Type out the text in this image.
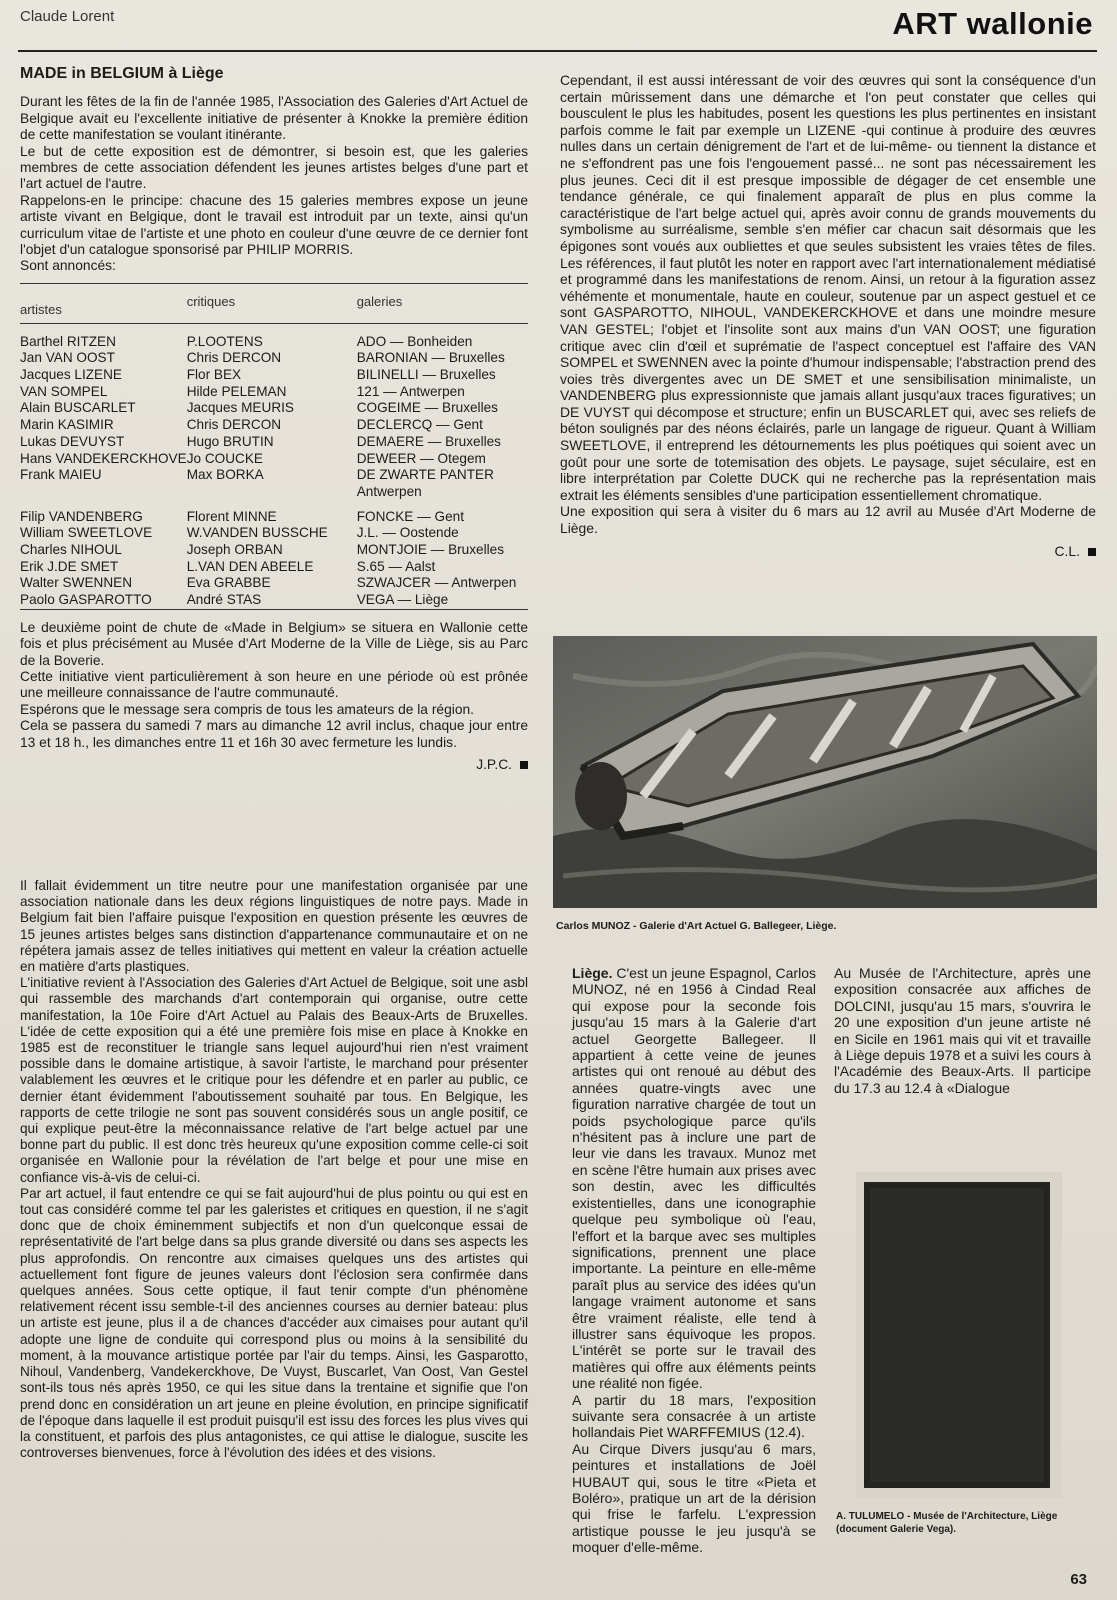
Claude Lorent	ART wallonie
MADE in BELGIUM à Liège

Durant les fêtes de la fin de l'année 1985, l'Association des Galeries d'Art Actuel de Belgique avait eu l'excellente initiative de présenter à Knokke la première édition de cette manifestation se voulant itinérante.

Le but de cette exposition est de démontrer, si besoin est, que les galeries membres de cette association défendent les jeunes artistes belges d'une part et l'art actuel de l'autre.

Rappelons-en le principe: chacune des 15 galeries membres expose un jeune artiste vivant en Belgique, dont le travail est introduit par un texte, ainsi qu'un curriculum vitae de l'artiste et une photo en couleur d'une œuvre de ce dernier font l'objet d'un catalogue sponsorisé par PHILIP MORRIS.

Sont annoncés:

artistes	critiques	galeries
Barthel RITZEN	P.LOOTENS	ADO — Bonheiden
Jan VAN OOST	Chris DERCON	BARONIAN — Bruxelles
Jacques LIZENE	Flor BEX	BILINELLI — Bruxelles
VAN SOMPEL	Hilde PELEMAN	121 — Antwerpen
Alain BUSCARLET	Jacques MEURIS	COGEIME — Bruxelles
Marin KASIMIR	Chris DERCON	DECLERCQ — Gent
Lukas DEVUYST	Hugo BRUTIN	DEMAERE — Bruxelles
Hans VANDEKERCKHOVE	Jo COUCKE	DEWEER — Otegem
Frank MAIEU	Max BORKA	DE ZWARTE PANTER
		Antwerpen
Filip VANDENBERG	Florent MINNE	FONCKE — Gent
William SWEETLOVE	W.VANDEN BUSSCHE	J.L. — Oostende
Charles NIHOUL	Joseph ORBAN	MONTJOIE — Bruxelles
Erik J.DE SMET	L.VAN DEN ABEELE	S.65 — Aalst
Walter SWENNEN	Eva GRABBE	SZWAJCER — Antwerpen
Paolo GASPAROTTO	André STAS	VEGA — Liège

Le deuxième point de chute de «Made in Belgium» se situera en Wallonie cette fois et plus précisément au Musée d'Art Moderne de la Ville de Liège, sis au Parc de la Boverie.

Cette initiative vient particulièrement à son heure en une période où est prônée une meilleure connaissance de l'autre communauté.

Espérons que le message sera compris de tous les amateurs de la région.

Cela se passera du samedi 7 mars au dimanche 12 avril inclus, chaque jour entre 13 et 18 h., les dimanches entre 11 et 16h 30 avec fermeture les lundis.

J.P.C.

Il fallait évidemment un titre neutre pour une manifestation organisée par une association nationale dans les deux régions linguistiques de notre pays. Made in Belgium fait bien l'affaire puisque l'exposition en question présente les œuvres de 15 jeunes artistes belges sans distinction d'appartenance communautaire et on ne répétera jamais assez de telles initiatives qui mettent en valeur la création actuelle en matière d'arts plastiques.

L'initiative revient à l'Association des Galeries d'Art Actuel de Belgique, soit une asbl qui rassemble des marchands d'art contemporain qui organise, outre cette manifestation, la 10e Foire d'Art Actuel au Palais des Beaux-Arts de Bruxelles. L'idée de cette exposition qui a été une première fois mise en place à Knokke en 1985 est de reconstituer le triangle sans lequel aujourd'hui rien n'est vraiment possible dans le domaine artistique, à savoir l'artiste, le marchand pour présenter valablement les œuvres et le critique pour les défendre et en parler au public, ce dernier étant évidemment l'aboutissement souhaité par tous. En Belgique, les rapports de cette trilogie ne sont pas souvent considérés sous un angle positif, ce qui explique peut-être la méconnaissance relative de l'art belge actuel par une bonne part du public. Il est donc très heureux qu'une exposition comme celle-ci soit organisée en Wallonie pour la révélation de l'art belge et pour une mise en confiance vis-à-vis de celui-ci.

Par art actuel, il faut entendre ce qui se fait aujourd'hui de plus pointu ou qui est en tout cas considéré comme tel par les galeristes et critiques en question, il ne s'agit donc que de choix éminemment subjectifs et non d'un quelconque essai de représentativité de l'art belge dans sa plus grande diversité ou dans ses aspects les plus approfondis. On rencontre aux cimaises quelques uns des artistes qui actuellement font figure de jeunes valeurs dont l'éclosion sera confirmée dans quelques années. Sous cette optique, il faut tenir compte d'un phénomène relativement récent issu semble-t-il des anciennes courses au dernier bateau: plus un artiste est jeune, plus il a de chances d'accéder aux cimaises pour autant qu'il adopte une ligne de conduite qui correspond plus ou moins à la sensibilité du moment, à la mouvance artistique portée par l'air du temps. Ainsi, les Gasparotto, Nihoul, Vandenberg, Vandekerckhove, De Vuyst, Buscarlet, Van Oost, Van Gestel sont-ils tous nés après 1950, ce qui les situe dans la trentaine et signifie que l'on prend donc en considération un art jeune en pleine évolution, en principe significatif de l'époque dans laquelle il est produit puisqu'il est issu des forces les plus vives qui la constituent, et parfois des plus antagonistes, ce qui attise le dialogue, suscite les controverses bienvenues, force à l'évolution des idées et des visions.

Cependant, il est aussi intéressant de voir des œuvres qui sont la conséquence d'un certain mûrissement dans une démarche et l'on peut constater que celles qui bousculent le plus les habitudes, posent les questions les plus pertinentes en insistant parfois comme le fait par exemple un LIZENE -qui continue à produire des œuvres nulles dans un certain dénigrement de l'art et de lui-même- ou tiennent la distance et ne s'effondrent pas une fois l'engouement passé... ne sont pas nécessairement les plus jeunes. Ceci dit il est presque impossible de dégager de cet ensemble une tendance générale, ce qui finalement apparaît de plus en plus comme la caractéristique de l'art belge actuel qui, après avoir connu de grands mouvements du symbolisme au surréalisme, semble s'en méfier car chacun sait désormais que les épigones sont voués aux oubliettes et que seules subsistent les vraies têtes de files. Les références, il faut plutôt les noter en rapport avec l'art internationalement médiatisé et programmé dans les manifestations de renom. Ainsi, un retour à la figuration assez véhémente et monumentale, haute en couleur, soutenue par un aspect gestuel et ce sont GASPAROTTO, NIHOUL, VANDEKERCKHOVE et dans une moindre mesure VAN GESTEL; l'objet et l'insolite sont aux mains d'un VAN OOST; une figuration critique avec clin d'œil et suprématie de l'aspect conceptuel est l'affaire des VAN SOMPEL et SWENNEN avec la pointe d'humour indispensable; l'abstraction prend des voies très divergentes avec un DE SMET et une sensibilisation minimaliste, un VANDENBERG plus expressionniste que jamais allant jusqu'aux traces figuratives; un DE VUYST qui décompose et structure; enfin un BUSCARLET qui, avec ses reliefs de béton soulignés par des néons éclairés, parle un langage de rigueur. Quant à William SWEETLOVE, il entreprend les détournements les plus poétiques qui soient avec un goût pour une sorte de totemisation des objets. Le paysage, sujet séculaire, est en libre interprétation par Colette DUCK qui ne recherche pas la représentation mais extrait les éléments sensibles d'une participation essentiellement chromatique.

Une exposition qui sera à visiter du 6 mars au 12 avril au Musée d'Art Moderne de Liège.

C.L.
Carlos MUNOZ - Galerie d'Art Actuel G. Ballegeer, Liège.

Liège. C'est un jeune Espagnol, Carlos MUNOZ, né en 1956 à Cindad Real qui expose pour la seconde fois jusqu'au 15 mars à la Galerie d'art actuel Georgette Ballegeer. Il appartient à cette veine de jeunes artistes qui ont renoué au début des années quatre-vingts avec une figuration narrative chargée de tout un poids psychologique parce qu'ils n'hésitent pas à inclure une part de leur vie dans les travaux. Munoz met en scène l'être humain aux prises avec son destin, avec les difficultés existentielles, dans une iconographie quelque peu symbolique où l'eau, l'effort et la barque avec ses multiples significations, prennent une place importante. La peinture en elle-même paraît plus au service des idées qu'un langage vraiment autonome et sans être vraiment réaliste, elle tend à illustrer sans équivoque les propos. L'intérêt se porte sur le travail des matières qui offre aux éléments peints une réalité non figée.

A partir du 18 mars, l'exposition suivante sera consacrée à un artiste hollandais Piet WARFFEMIUS (12.4).

Au Cirque Divers jusqu'au 6 mars, peintures et installations de Joël HUBAUT qui, sous le titre «Pieta et Boléro», pratique un art de la dérision qui frise le farfelu. L'expression artistique pousse le jeu jusqu'à se moquer d'elle-même.

Au Musée de l'Architecture, après une exposition consacrée aux affiches de DOLCINI, jusqu'au 15 mars, s'ouvrira le 20 une exposition d'un jeune artiste né en Sicile en 1961 mais qui vit et travaille à Liège depuis 1978 et a suivi les cours à l'Académie des Beaux-Arts. Il participe du 17.3 au 12.4 à «Dialogue

A. TULUMELO - Musée de l'Architecture, Liège (document Galerie Vega).
63
